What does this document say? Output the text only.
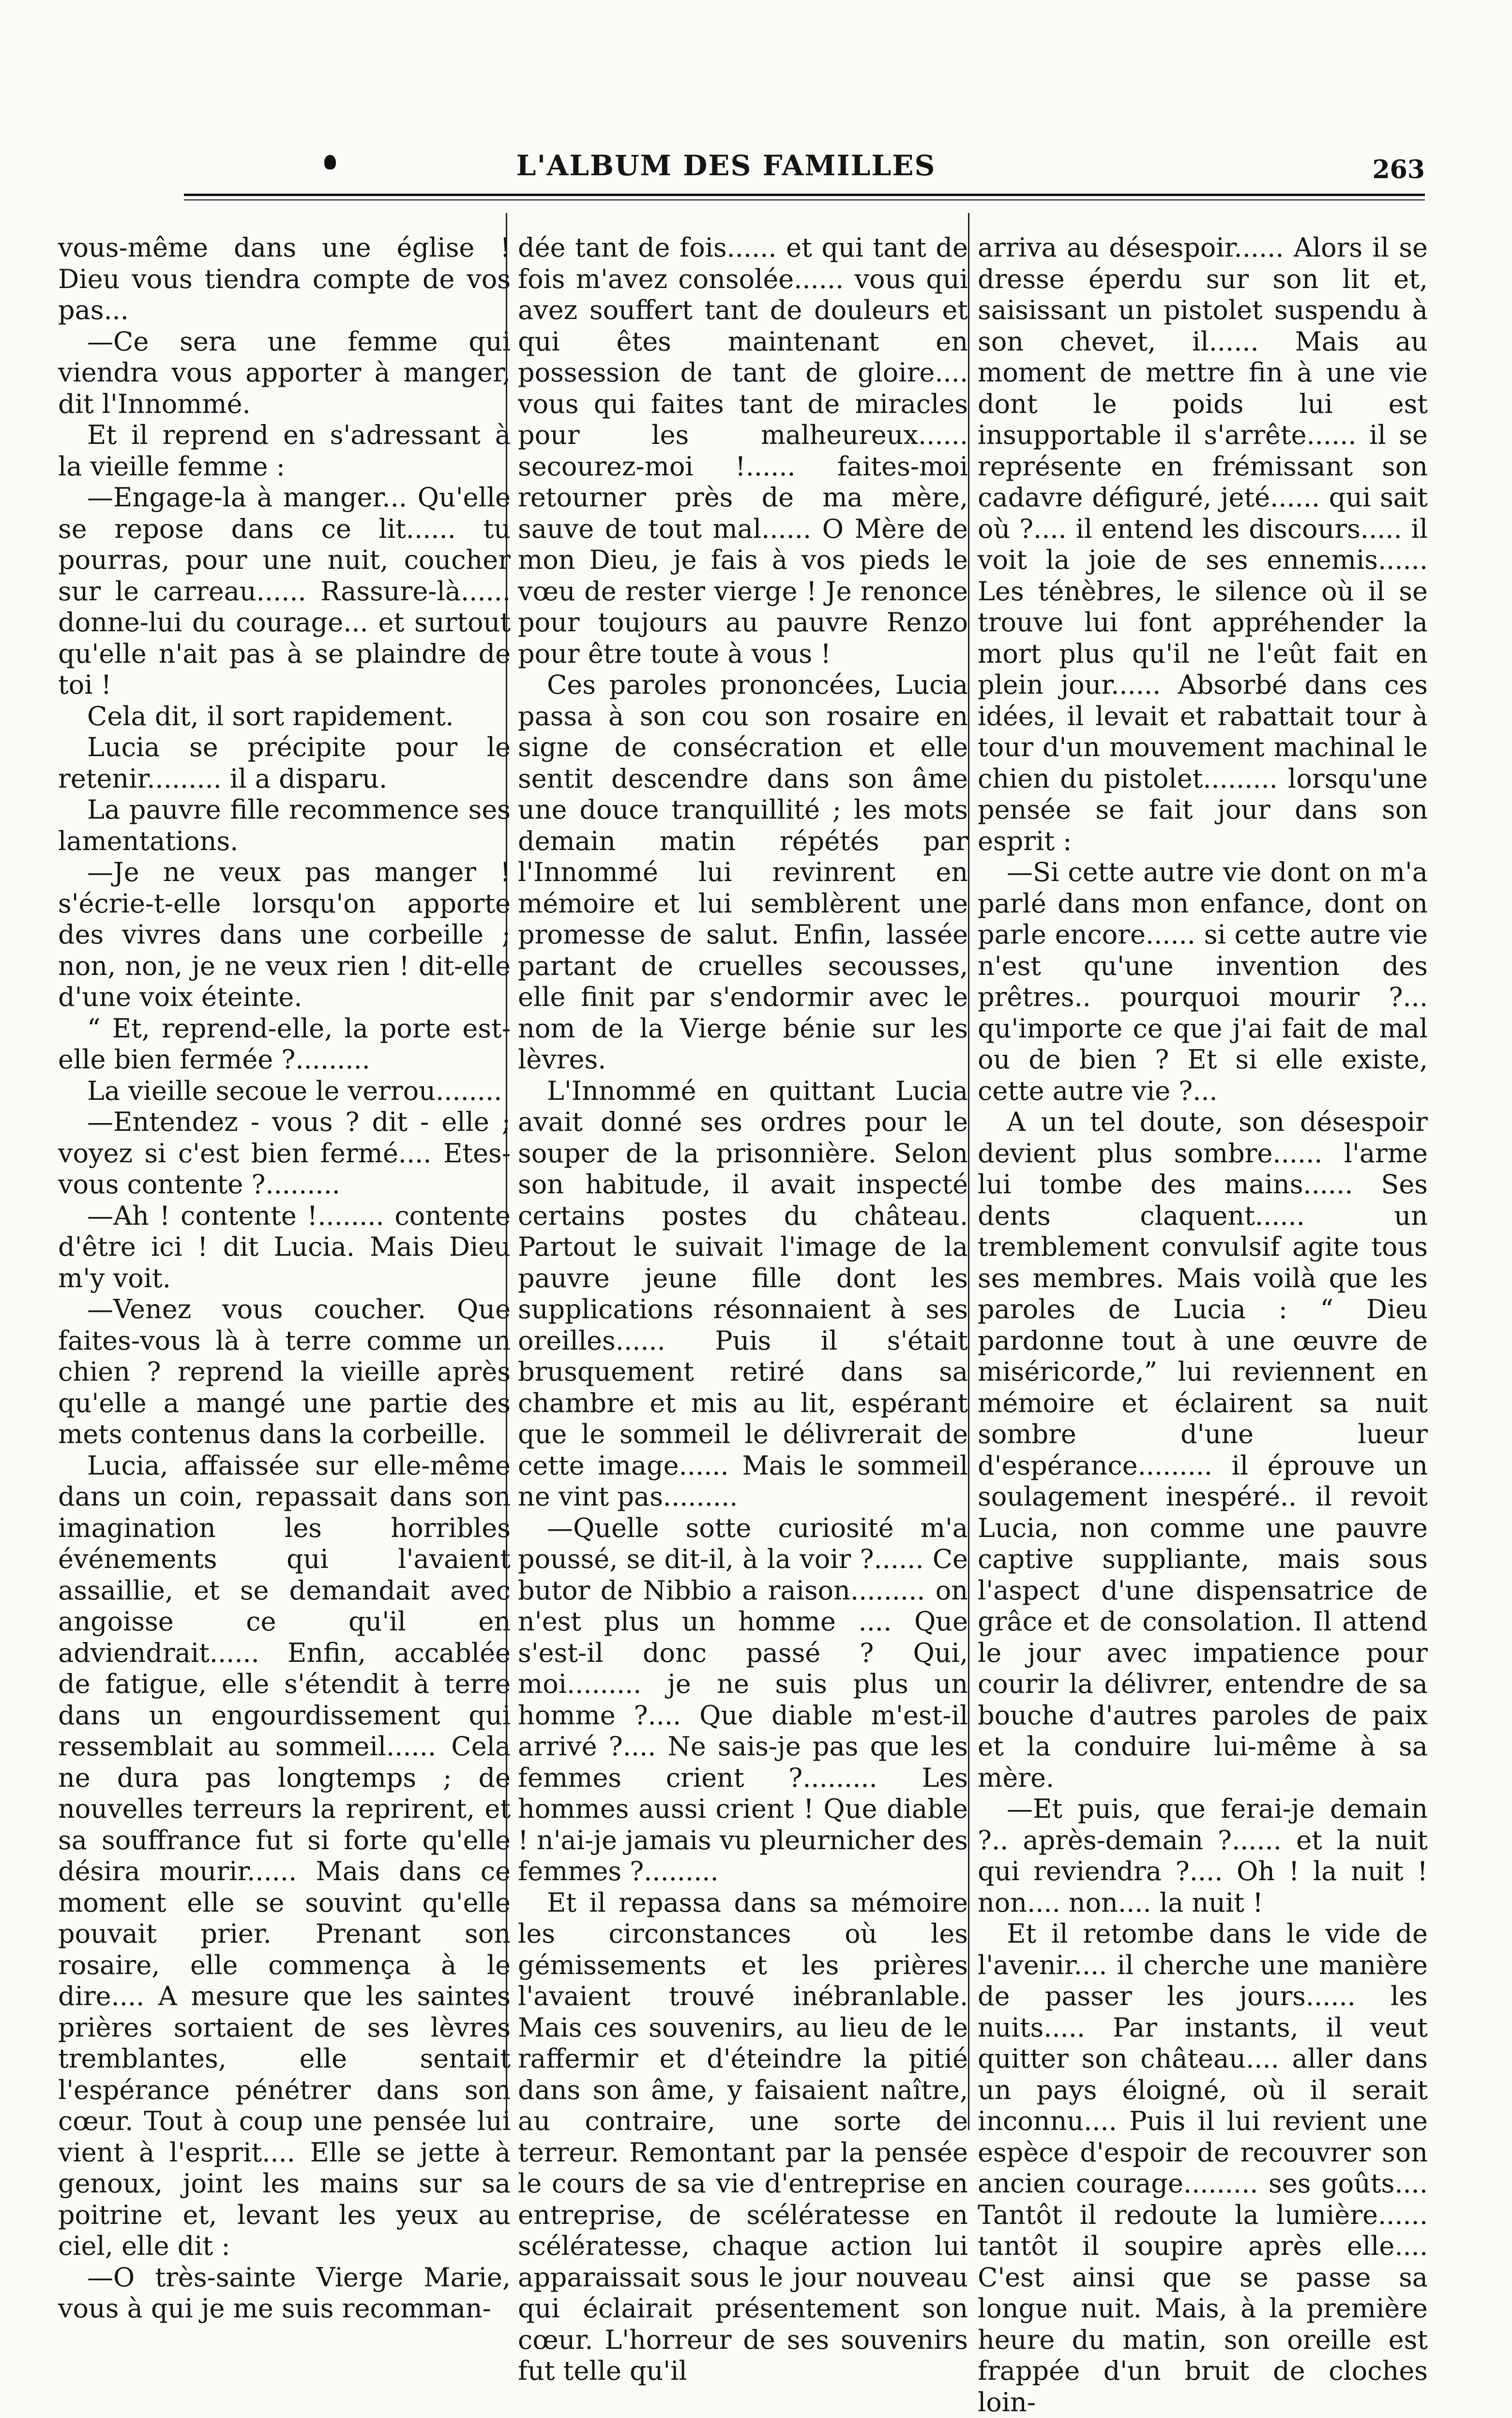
L'ALBUM DES FAMILLES	263

vous-même dans une église ! Dieu vous tiendra compte de vos pas...

—Ce sera une femme qui viendra vous apporter à manger, dit l'Innommé.

Et il reprend en s'adressant à la vieille femme :

—Engage-la à manger... Qu'elle se repose dans ce lit...... tu pourras, pour une nuit, coucher sur le carreau...... Rassure-là...... donne-lui du courage... et surtout qu'elle n'ait pas à se plaindre de toi !

Cela dit, il sort rapidement.

Lucia se précipite pour le retenir......... il a disparu.

La pauvre fille recommence ses lamentations.

—Je ne veux pas manger ! s'écrie-t-elle lorsqu'on apporte des vivres dans une corbeille ; non, non, je ne veux rien ! dit-elle d'une voix éteinte.

“ Et, reprend-elle, la porte est-elle bien fermée ?.........

La vieille secoue le verrou........

—Entendez - vous ? dit - elle ; voyez si c'est bien fermé.... Etes-vous contente ?.........

—Ah ! contente !........ contente d'être ici ! dit Lucia. Mais Dieu m'y voit.

—Venez vous coucher. Que faites-vous là à terre comme un chien ? reprend la vieille après qu'elle a mangé une partie des mets contenus dans la corbeille.

Lucia, affaissée sur elle-même dans un coin, repassait dans son imagination les horribles événements qui l'avaient assaillie, et se demandait avec angoisse ce qu'il en adviendrait...... Enfin, accablée de fatigue, elle s'étendit à terre dans un engourdissement qui ressemblait au sommeil...... Cela ne dura pas longtemps ; de nouvelles terreurs la reprirent, et sa souffrance fut si forte qu'elle désira mourir...... Mais dans ce moment elle se souvint qu'elle pouvait prier. Prenant son rosaire, elle commença à le dire.... A mesure que les saintes prières sortaient de ses lèvres tremblantes, elle sentait l'espérance pénétrer dans son cœur. Tout à coup une pensée lui vient à l'esprit.... Elle se jette à genoux, joint les mains sur sa poitrine et, levant les yeux au ciel, elle dit :

—O très-sainte Vierge Marie, vous à qui je me suis recomman-

dée tant de fois...... et qui tant de fois m'avez consolée...... vous qui avez souffert tant de douleurs et qui êtes maintenant en possession de tant de gloire.... vous qui faites tant de miracles pour les malheureux...... secourez-moi !...... faites-moi retourner près de ma mère, sauve de tout mal...... O Mère de mon Dieu, je fais à vos pieds le vœu de rester vierge ! Je renonce pour toujours au pauvre Renzo pour être toute à vous !

Ces paroles prononcées, Lucia passa à son cou son rosaire en signe de consécration et elle sentit descendre dans son âme une douce tranquillité ; les mots demain matin répétés par l'Innommé lui revinrent en mémoire et lui semblèrent une promesse de salut. Enfin, lassée partant de cruelles secousses, elle finit par s'endormir avec le nom de la Vierge bénie sur les lèvres.

L'Innommé en quittant Lucia avait donné ses ordres pour le souper de la prisonnière. Selon son habitude, il avait inspecté certains postes du château. Partout le suivait l'image de la pauvre jeune fille dont les supplications résonnaient à ses oreilles...... Puis il s'était brusquement retiré dans sa chambre et mis au lit, espérant que le sommeil le délivrerait de cette image...... Mais le sommeil ne vint pas.........

—Quelle sotte curiosité m'a poussé, se dit-il, à la voir ?...... Ce butor de Nibbio a raison......... on n'est plus un homme .... Que s'est-il donc passé ? Qui, moi......... je ne suis plus un homme ?.... Que diable m'est-il arrivé ?.... Ne sais-je pas que les femmes crient ?......... Les hommes aussi crient ! Que diable ! n'ai-je jamais vu pleurnicher des femmes ?.........

Et il repassa dans sa mémoire les circonstances où les gémissements et les prières l'avaient trouvé inébranlable. Mais ces souvenirs, au lieu de le raffermir et d'éteindre la pitié dans son âme, y faisaient naître, au contraire, une sorte de terreur. Remontant par la pensée le cours de sa vie d'entreprise en entreprise, de scélératesse en scélératesse, chaque action lui apparaissait sous le jour nouveau qui éclairait présentement son cœur. L'horreur de ses souvenirs fut telle qu'il

arriva au désespoir...... Alors il se dresse éperdu sur son lit et, saisissant un pistolet suspendu à son chevet, il...... Mais au moment de mettre fin à une vie dont le poids lui est insupportable il s'arrête...... il se représente en frémissant son cadavre défiguré, jeté...... qui sait où ?.... il entend les discours..... il voit la joie de ses ennemis...... Les ténèbres, le silence où il se trouve lui font appréhender la mort plus qu'il ne l'eût fait en plein jour...... Absorbé dans ces idées, il levait et rabattait tour à tour d'un mouvement machinal le chien du pistolet......... lorsqu'une pensée se fait jour dans son esprit :

—Si cette autre vie dont on m'a parlé dans mon enfance, dont on parle encore...... si cette autre vie n'est qu'une invention des prêtres.. pourquoi mourir ?... qu'importe ce que j'ai fait de mal ou de bien ? Et si elle existe, cette autre vie ?...

A un tel doute, son désespoir devient plus sombre...... l'arme lui tombe des mains...... Ses dents claquent...... un tremblement convulsif agite tous ses membres. Mais voilà que les paroles de Lucia : “ Dieu pardonne tout à une œuvre de miséricorde,” lui reviennent en mémoire et éclairent sa nuit sombre d'une lueur d'espérance......... il éprouve un soulagement inespéré.. il revoit Lucia, non comme une pauvre captive suppliante, mais sous l'aspect d'une dispensatrice de grâce et de consolation. Il attend le jour avec impatience pour courir la délivrer, entendre de sa bouche d'autres paroles de paix et la conduire lui-même à sa mère.

—Et puis, que ferai-je demain ?.. après-demain ?...... et la nuit qui reviendra ?.... Oh ! la nuit ! non.... non.... la nuit !

Et il retombe dans le vide de l'avenir.... il cherche une manière de passer les jours...... les nuits..... Par instants, il veut quitter son château.... aller dans un pays éloigné, où il serait inconnu.... Puis il lui revient une espèce d'espoir de recouvrer son ancien courage......... ses goûts.... Tantôt il redoute la lumière...... tantôt il soupire après elle.... C'est ainsi que se passe sa longue nuit. Mais, à la première heure du matin, son oreille est frappée d'un bruit de cloches loin-
